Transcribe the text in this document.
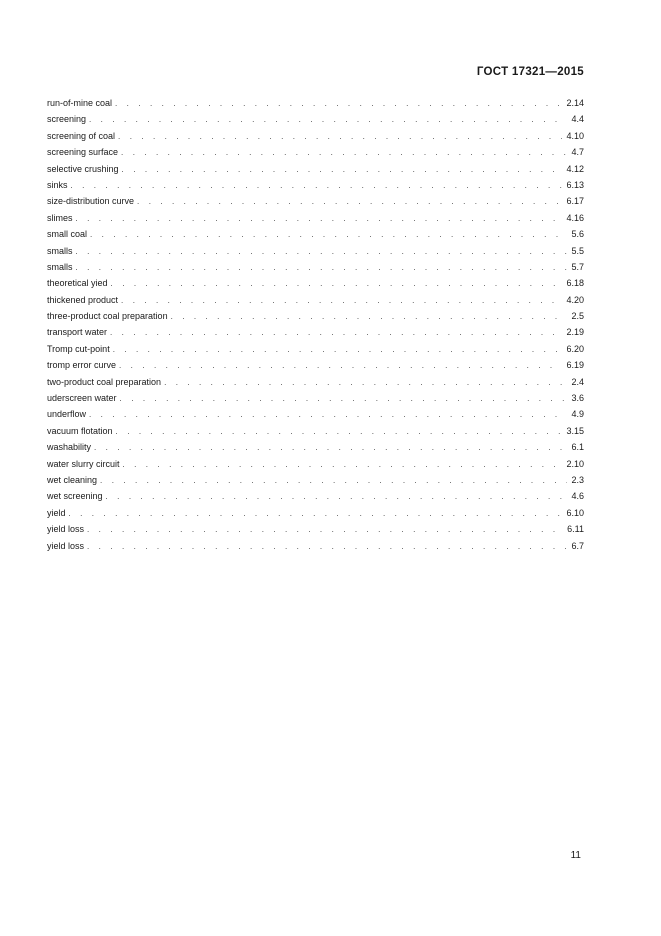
ГОСТ 17321—2015
run-of-mine coal . . .	2.14
screening . . .	4.4
screening of coal . . .	4.10
screening surface . . .	4.7
selective crushing . . .	4.12
sinks . . .	6.13
size-distribution curve . . .	6.17
slimes . . .	4.16
small coal . . .	5.6
smalls . . .	5.5
smalls . . .	5.7
theoretical yied . . .	6.18
thickened product . . .	4.20
three-product coal preparation . . .	2.5
transport water . . .	2.19
Tromp cut-point . . .	6.20
tromp error curve . . .	6.19
two-product coal preparation . . .	2.4
uderscreen water . . .	3.6
underflow . . .	4.9
vacuum flotation . . .	3.15
washability . . .	6.1
water slurry circuit . . .	2.10
wet cleaning . . .	2.3
wet screening . . .	4.6
yield . . .	6.10
yield loss . . .	6.11
yield loss . . .	6.7
11
